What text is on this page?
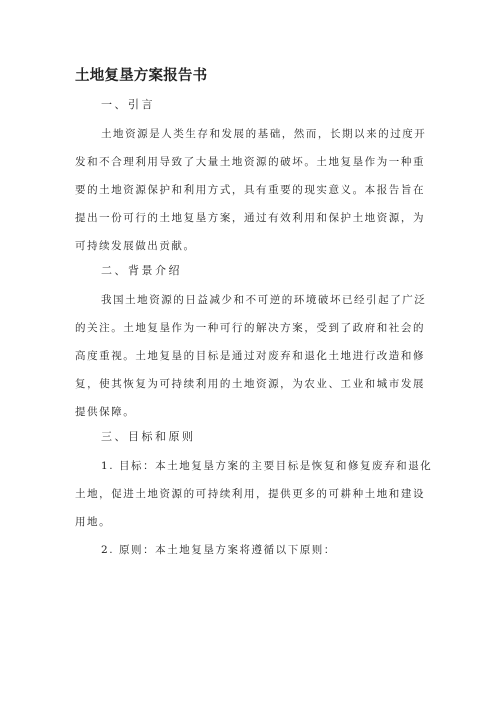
土地复垦方案报告书
一、引言
土地资源是人类生存和发展的基础，然而，长期以来的过度开
发和不合理利用导致了大量土地资源的破坏。土地复垦作为一种重
要的土地资源保护和利用方式，具有重要的现实意义。本报告旨在
提出一份可行的土地复垦方案，通过有效利用和保护土地资源，为
可持续发展做出贡献。
二、背景介绍
我国土地资源的日益减少和不可逆的环境破坏已经引起了广泛
的关注。土地复垦作为一种可行的解决方案，受到了政府和社会的
高度重视。土地复垦的目标是通过对废弃和退化土地进行改造和修
复，使其恢复为可持续利用的土地资源，为农业、工业和城市发展
提供保障。
三、目标和原则
1. 目标：本土地复垦方案的主要目标是恢复和修复废弃和退化
土地，促进土地资源的可持续利用，提供更多的可耕种土地和建设
用地。
2. 原则：本土地复垦方案将遵循以下原则：
